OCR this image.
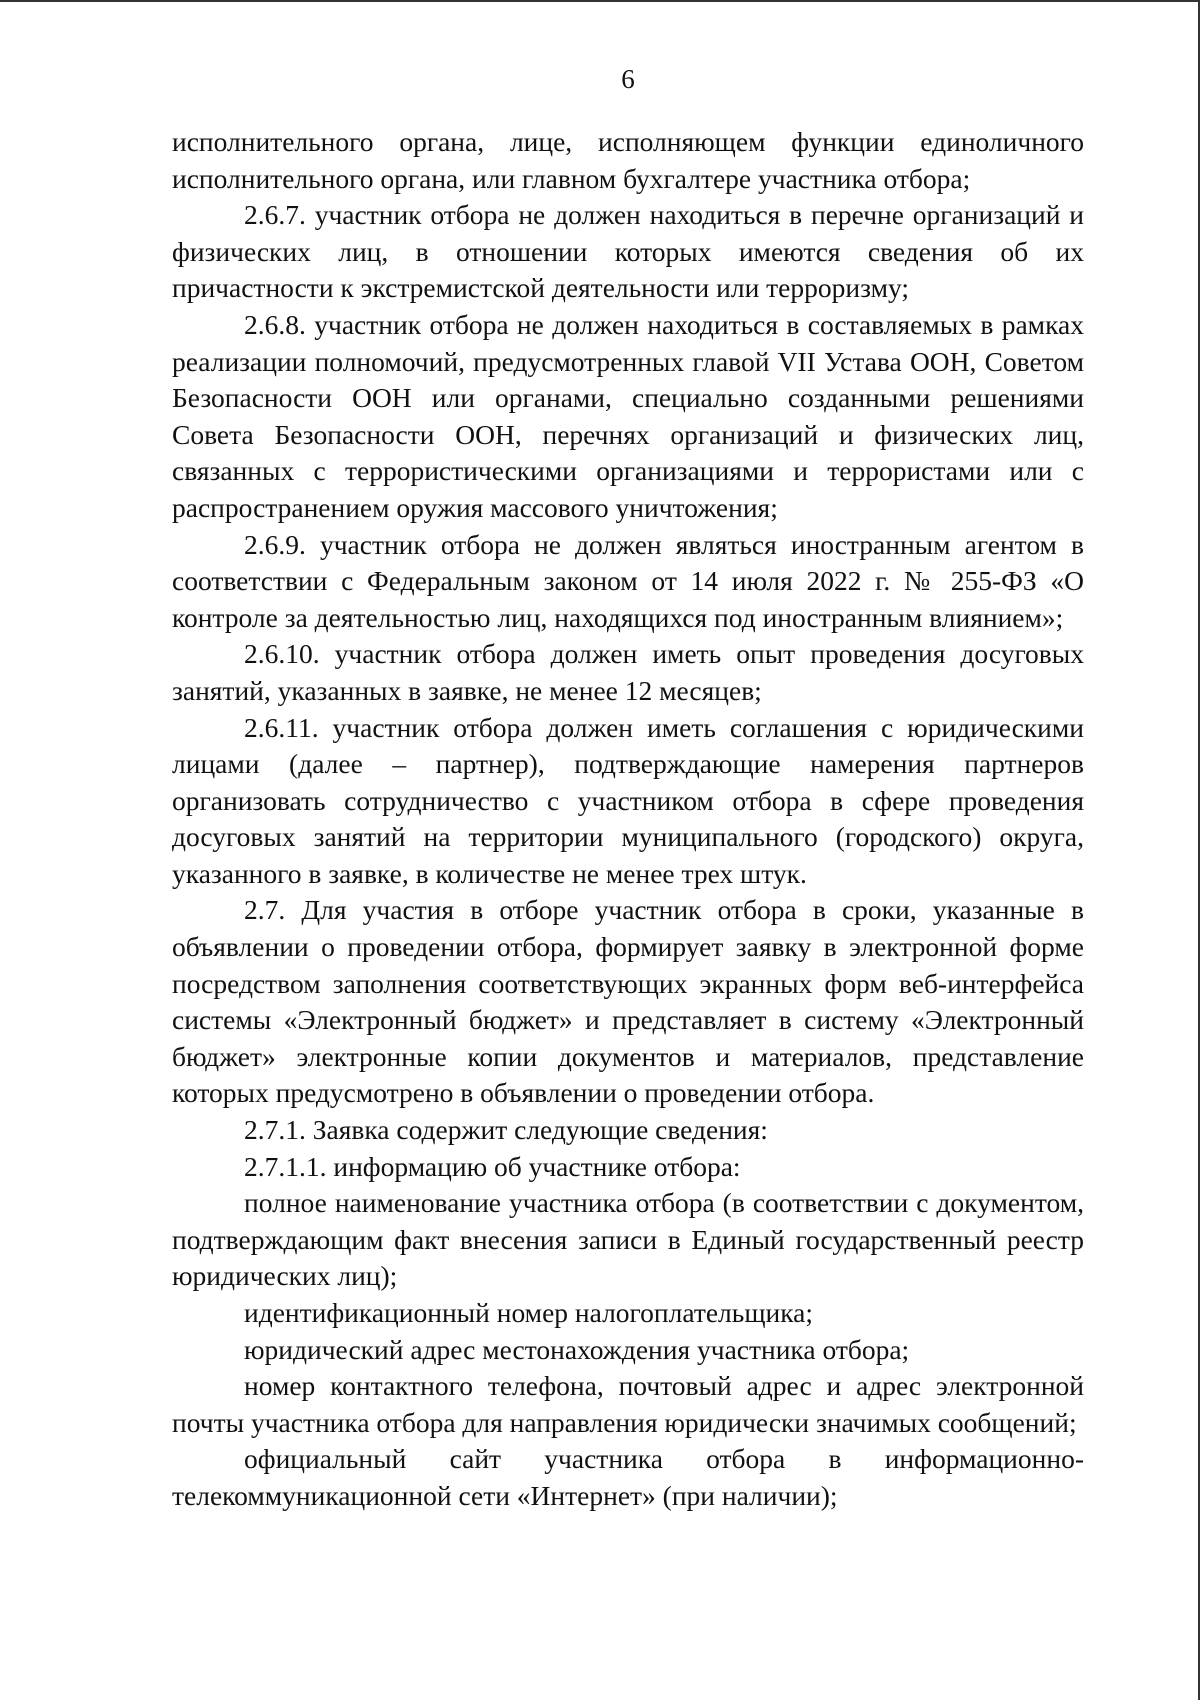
6

исполнительного органа, лице, исполняющем функции единоличного исполнительного органа, или главном бухгалтере участника отбора;

2.6.7. участник отбора не должен находиться в перечне организаций и физических лиц, в отношении которых имеются сведения об их причастности к экстремистской деятельности или терроризму;

2.6.8. участник отбора не должен находиться в составляемых в рамках реализации полномочий, предусмотренных главой VII Устава ООН, Советом Безопасности ООН или органами, специально созданными решениями Совета Безопасности ООН, перечнях организаций и физических лиц, связанных с террористическими организациями и террористами или с распространением оружия массового уничтожения;

2.6.9. участник отбора не должен являться иностранным агентом в соответствии с Федеральным законом от 14 июля 2022 г. № 255-ФЗ «О контроле за деятельностью лиц, находящихся под иностранным влиянием»;

2.6.10. участник отбора должен иметь опыт проведения досуговых занятий, указанных в заявке, не менее 12 месяцев;

2.6.11. участник отбора должен иметь соглашения с юридическими лицами (далее – партнер), подтверждающие намерения партнеров организовать сотрудничество с участником отбора в сфере проведения досуговых занятий на территории муниципального (городского) округа, указанного в заявке, в количестве не менее трех штук.

2.7. Для участия в отборе участник отбора в сроки, указанные в объявлении о проведении отбора, формирует заявку в электронной форме посредством заполнения соответствующих экранных форм веб-интерфейса системы «Электронный бюджет» и представляет в систему «Электронный бюджет» электронные копии документов и материалов, представление которых предусмотрено в объявлении о проведении отбора.

2.7.1. Заявка содержит следующие сведения:

2.7.1.1. информацию об участнике отбора:

полное наименование участника отбора (в соответствии с документом, подтверждающим факт внесения записи в Единый государственный реестр юридических лиц);

идентификационный номер налогоплательщика;

юридический адрес местонахождения участника отбора;

номер контактного телефона, почтовый адрес и адрес электронной почты участника отбора для направления юридически значимых сообщений;

официальный сайт участника отбора в информационно-телекоммуникационной сети «Интернет» (при наличии);
